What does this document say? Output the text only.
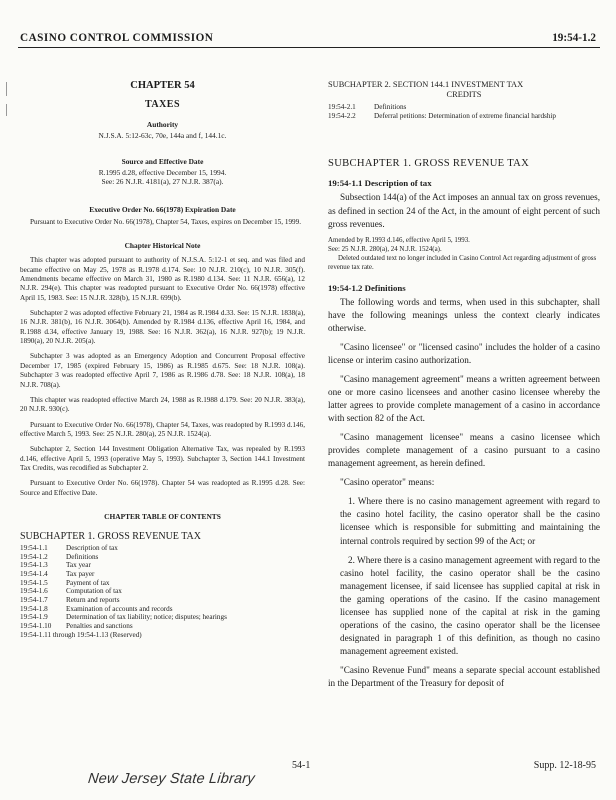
CASINO CONTROL COMMISSION	19:54-1.2

CHAPTER 54

TAXES

Authority

N.J.S.A. 5:12-63c, 70e, 144a and f, 144.1c.

Source and Effective Date

R.1995 d.28, effective December 15, 1994.

See: 26 N.J.R. 4181(a), 27 N.J.R. 387(a).

Executive Order No. 66(1978) Expiration Date

Pursuant to Executive Order No. 66(1978), Chapter 54, Taxes, expires on December 15, 1999.

Chapter Historical Note

This chapter was adopted pursuant to authority of N.J.S.A. 5:12-1 et seq. and was filed and became effective on May 25, 1978 as R.1978 d.174. See: 10 N.J.R. 210(c), 10 N.J.R. 305(f). Amendments became effective on March 31, 1980 as R.1980 d.134. See: 11 N.J.R. 656(a), 12 N.J.R. 294(e). This chapter was readopted pursuant to Executive Order No. 66(1978) effective April 15, 1983. See: 15 N.J.R. 328(b), 15 N.J.R. 699(b).

Subchapter 2 was adopted effective February 21, 1984 as R.1984 d.33. See: 15 N.J.R. 1838(a), 16 N.J.R. 381(b), 16 N.J.R. 3064(b). Amended by R.1984 d.136, effective April 16, 1984, and R.1988 d.34, effective January 19, 1988. See: 16 N.J.R. 362(a), 16 N.J.R. 927(b); 19 N.J.R. 1890(a), 20 N.J.R. 205(a).

Subchapter 3 was adopted as an Emergency Adoption and Concurrent Proposal effective December 17, 1985 (expired February 15, 1986) as R.1985 d.675. See: 18 N.J.R. 108(a). Subchapter 3 was readopted effective April 7, 1986 as R.1986 d.78. See: 18 N.J.R. 108(a), 18 N.J.R. 708(a).

This chapter was readopted effective March 24, 1988 as R.1988 d.179. See: 20 N.J.R. 383(a), 20 N.J.R. 930(c).

Pursuant to Executive Order No. 66(1978), Chapter 54, Taxes, was readopted by R.1993 d.146, effective March 5, 1993. See: 25 N.J.R. 280(a), 25 N.J.R. 1524(a).

Subchapter 2, Section 144 Investment Obligation Alternative Tax, was repealed by R.1993 d.146, effective April 5, 1993 (operative May 5, 1993). Subchapter 3, Section 144.1 Investment Tax Credits, was recodified as Subchapter 2.

Pursuant to Executive Order No. 66(1978). Chapter 54 was readopted as R.1995 d.28. See: Source and Effective Date.

CHAPTER TABLE OF CONTENTS

SUBCHAPTER 1. GROSS REVENUE TAX

19:54-1.1	Description of tax
19:54-1.2	Definitions
19:54-1.3	Tax year
19:54-1.4	Tax payer
19:54-1.5	Payment of tax
19:54-1.6	Computation of tax
19:54-1.7	Return and reports
19:54-1.8	Examination of accounts and records
19:54-1.9	Determination of tax liability; notice; disputes; hearings
19:54-1.10	Penalties and sanctions
19:54-1.11 through 19:54-1.13 (Reserved)	

SUBCHAPTER 2. SECTION 144.1 INVESTMENT TAX

CREDITS

19:54-2.1	Definitions
19:54-2.2	Deferral petitions: Determination of extreme financial hardship

SUBCHAPTER 1. GROSS REVENUE TAX

19:54-1.1 Description of tax

Subsection 144(a) of the Act imposes an annual tax on gross revenues, as defined in section 24 of the Act, in the amount of eight percent of such gross revenues.

Amended by R.1993 d.146, effective April 5, 1993.

See: 25 N.J.R. 280(a), 24 N.J.R. 1524(a).

Deleted outdated text no longer included in Casino Control Act regarding adjustment of gross revenue tax rate.

19:54-1.2 Definitions

The following words and terms, when used in this subchapter, shall have the following meanings unless the context clearly indicates otherwise.

"Casino licensee" or "licensed casino" includes the holder of a casino license or interim casino authorization.

"Casino management agreement" means a written agreement between one or more casino licensees and another casino licensee whereby the latter agrees to provide complete management of a casino in accordance with section 82 of the Act.

"Casino management licensee" means a casino licensee which provides complete management of a casino pursuant to a casino management agreement, as herein defined.

"Casino operator" means:

1. Where there is no casino management agreement with regard to the casino hotel facility, the casino operator shall be the casino licensee which is responsible for submitting and maintaining the internal controls required by section 99 of the Act; or

2. Where there is a casino management agreement with regard to the casino hotel facility, the casino operator shall be the casino management licensee, if said licensee has supplied capital at risk in the gaming operations of the casino. If the casino management licensee has supplied none of the capital at risk in the gaming operations of the casino, the casino operator shall be the licensee designated in paragraph 1 of this definition, as though no casino management agreement existed.

"Casino Revenue Fund" means a separate special account established in the Department of the Treasury for deposit of

54-1	Supp. 12-18-95
New Jersey State Library
